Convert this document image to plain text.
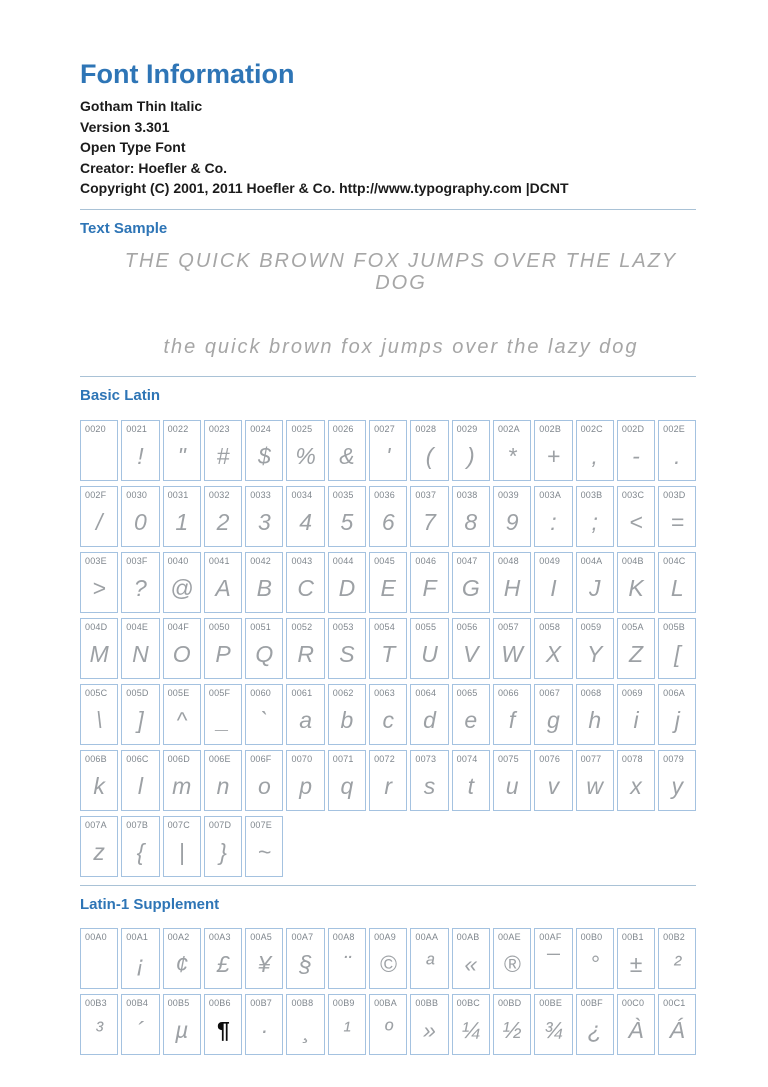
Font Information
Gotham Thin Italic
Version 3.301
Open Type Font
Creator: Hoefler & Co.
Copyright (C) 2001, 2011 Hoefler & Co. http://www.typography.com |DCNT
Text Sample
THE QUICK BROWN FOX JUMPS OVER THE LAZY DOG
the quick brown fox jumps over the lazy dog
Basic Latin
0020	0021
!
0022
"
0023
#
0024
$
0025
%
0026
&
0027
'
0028
(
0029
)
002A
*
002B
+
002C
,
002D
-
002E
.
002F
/
0030
0
0031
1
0032
2
0033
3
0034
4
0035
5
0036
6
0037
7
0038
8
0039
9
003A
:
003B
;
003C
<
003D
=
003E
>
003F
?
0040
@
0041
A
0042
B
0043
C
0044
D
0045
E
0046
F
0047
G
0048
H
0049
I
004A
J
004B
K
004C
L
004D
M
004E
N
004F
O
0050
P
0051
Q
0052
R
0053
S
0054
T
0055
U
0056
V
0057
W
0058
X
0059
Y
005A
Z
005B
[
005C
\
005D
]
005E
^
005F
_
0060
`
0061
a
0062
b
0063
c
0064
d
0065
e
0066
f
0067
g
0068
h
0069
i
006A
j
006B
k
006C
l
006D
m
006E
n
006F
o
0070
p
0071
q
0072
r
0073
s
0074
t
0075
u
0076
v
0077
w
0078
x
0079
y
007A
z
007B
{
007C
|
007D
}
007E
~
Latin-1 Supplement
00A0	00A1
¡
00A2
¢
00A3
£
00A5
¥
00A7
§
00A8
¨
00A9
©
00AA
ª
00AB
«
00AE
®
00AF
¯
00B0
°
00B1
±
00B2
²
00B3
³
00B4
´
00B5
µ
00B6
¶
00B7
·
00B8
¸
00B9
¹
00BA
º
00BB
»
00BC
¼
00BD
½
00BE
¾
00BF
¿
00C0
À
00C1
Á
